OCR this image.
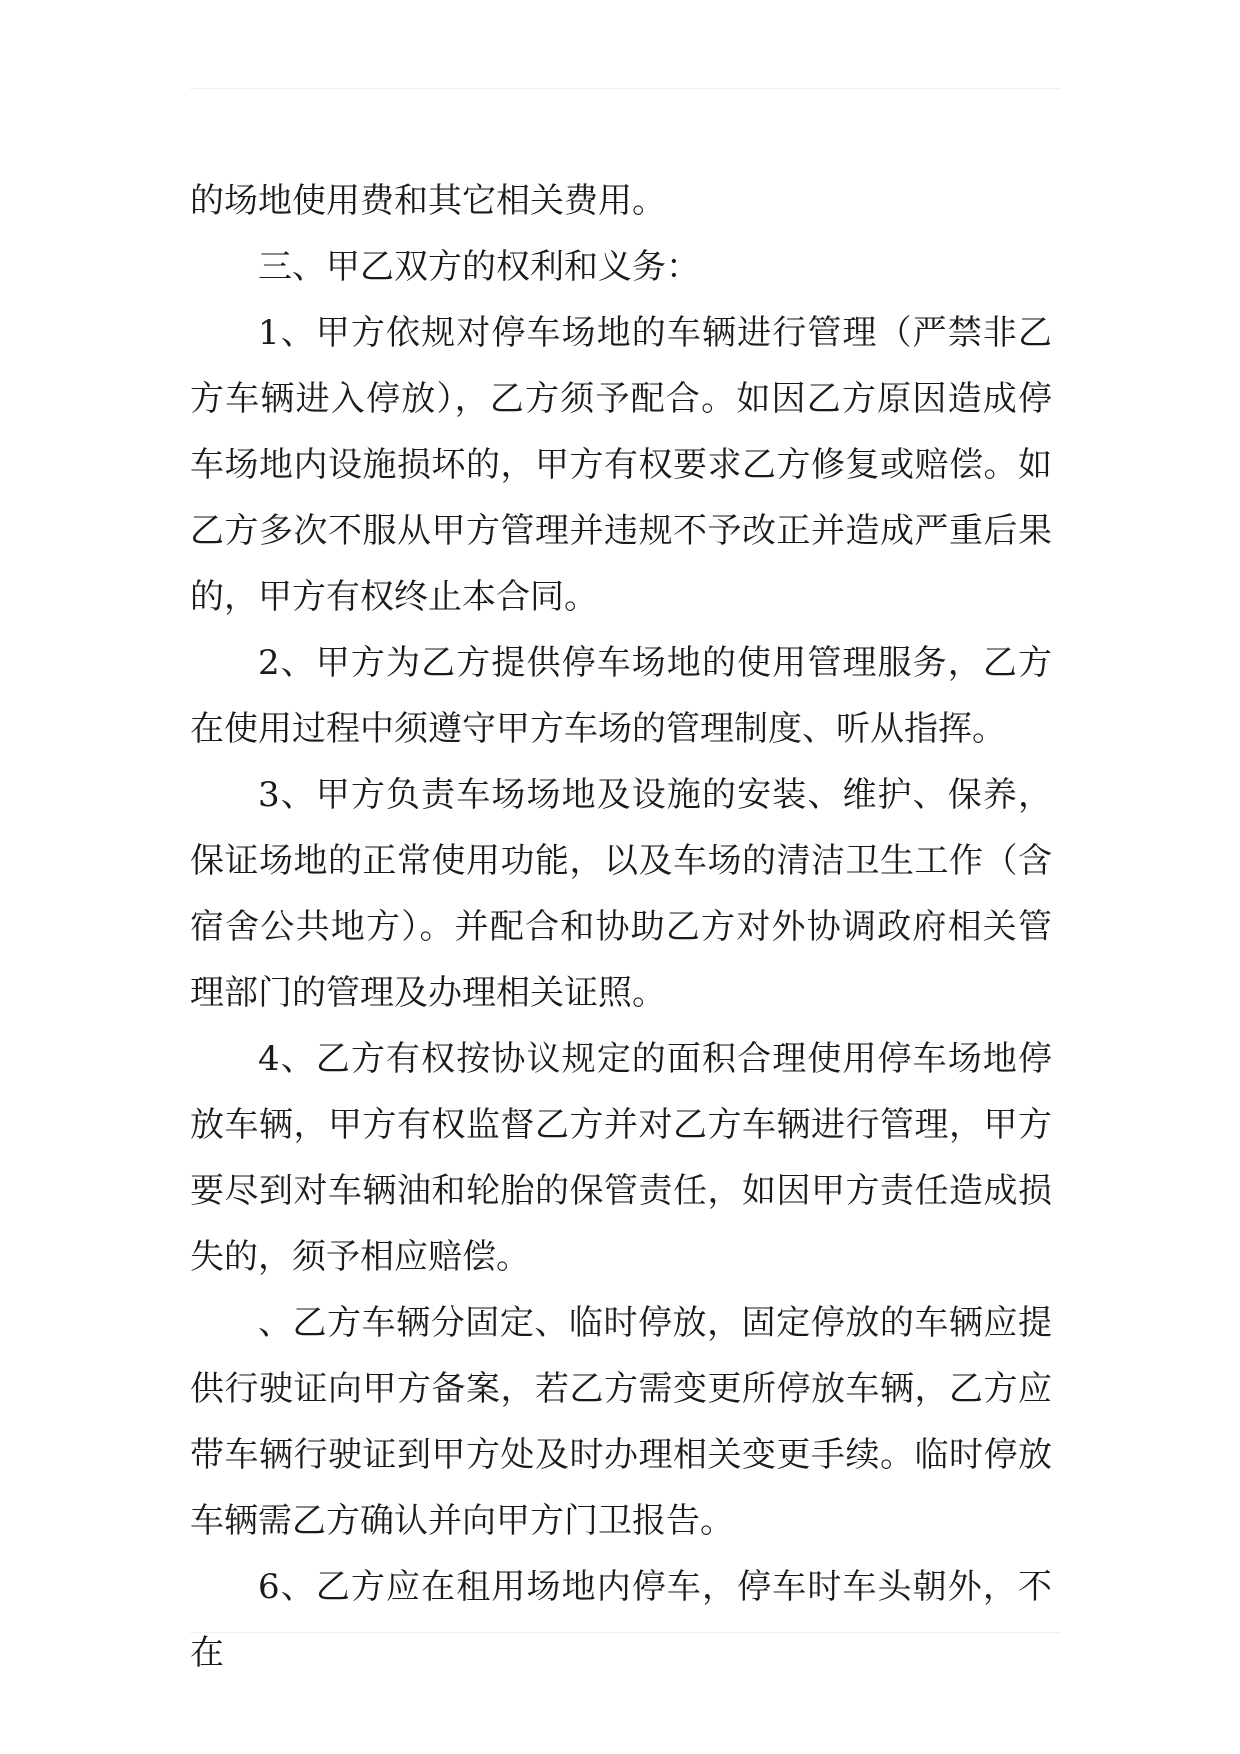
的场地使用费和其它相关费用。

三、甲乙双方的权利和义务：

1、甲方依规对停车场地的车辆进行管理（严禁非乙方车辆进入停放），乙方须予配合。如因乙方原因造成停车场地内设施损坏的，甲方有权要求乙方修复或赔偿。如乙方多次不服从甲方管理并违规不予改正并造成严重后果的，甲方有权终止本合同。

2、甲方为乙方提供停车场地的使用管理服务，乙方在使用过程中须遵守甲方车场的管理制度、听从指挥。

3、甲方负责车场场地及设施的安装、维护、保养，保证场地的正常使用功能，以及车场的清洁卫生工作（含宿舍公共地方）。并配合和协助乙方对外协调政府相关管理部门的管理及办理相关证照。

4、乙方有权按协议规定的面积合理使用停车场地停放车辆，甲方有权监督乙方并对乙方车辆进行管理，甲方要尽到对车辆油和轮胎的保管责任，如因甲方责任造成损失的，须予相应赔偿。

、乙方车辆分固定、临时停放，固定停放的车辆应提供行驶证向甲方备案，若乙方需变更所停放车辆，乙方应带车辆行驶证到甲方处及时办理相关变更手续。临时停放车辆需乙方确认并向甲方门卫报告。

6、乙方应在租用场地内停车，停车时车头朝外，不在
